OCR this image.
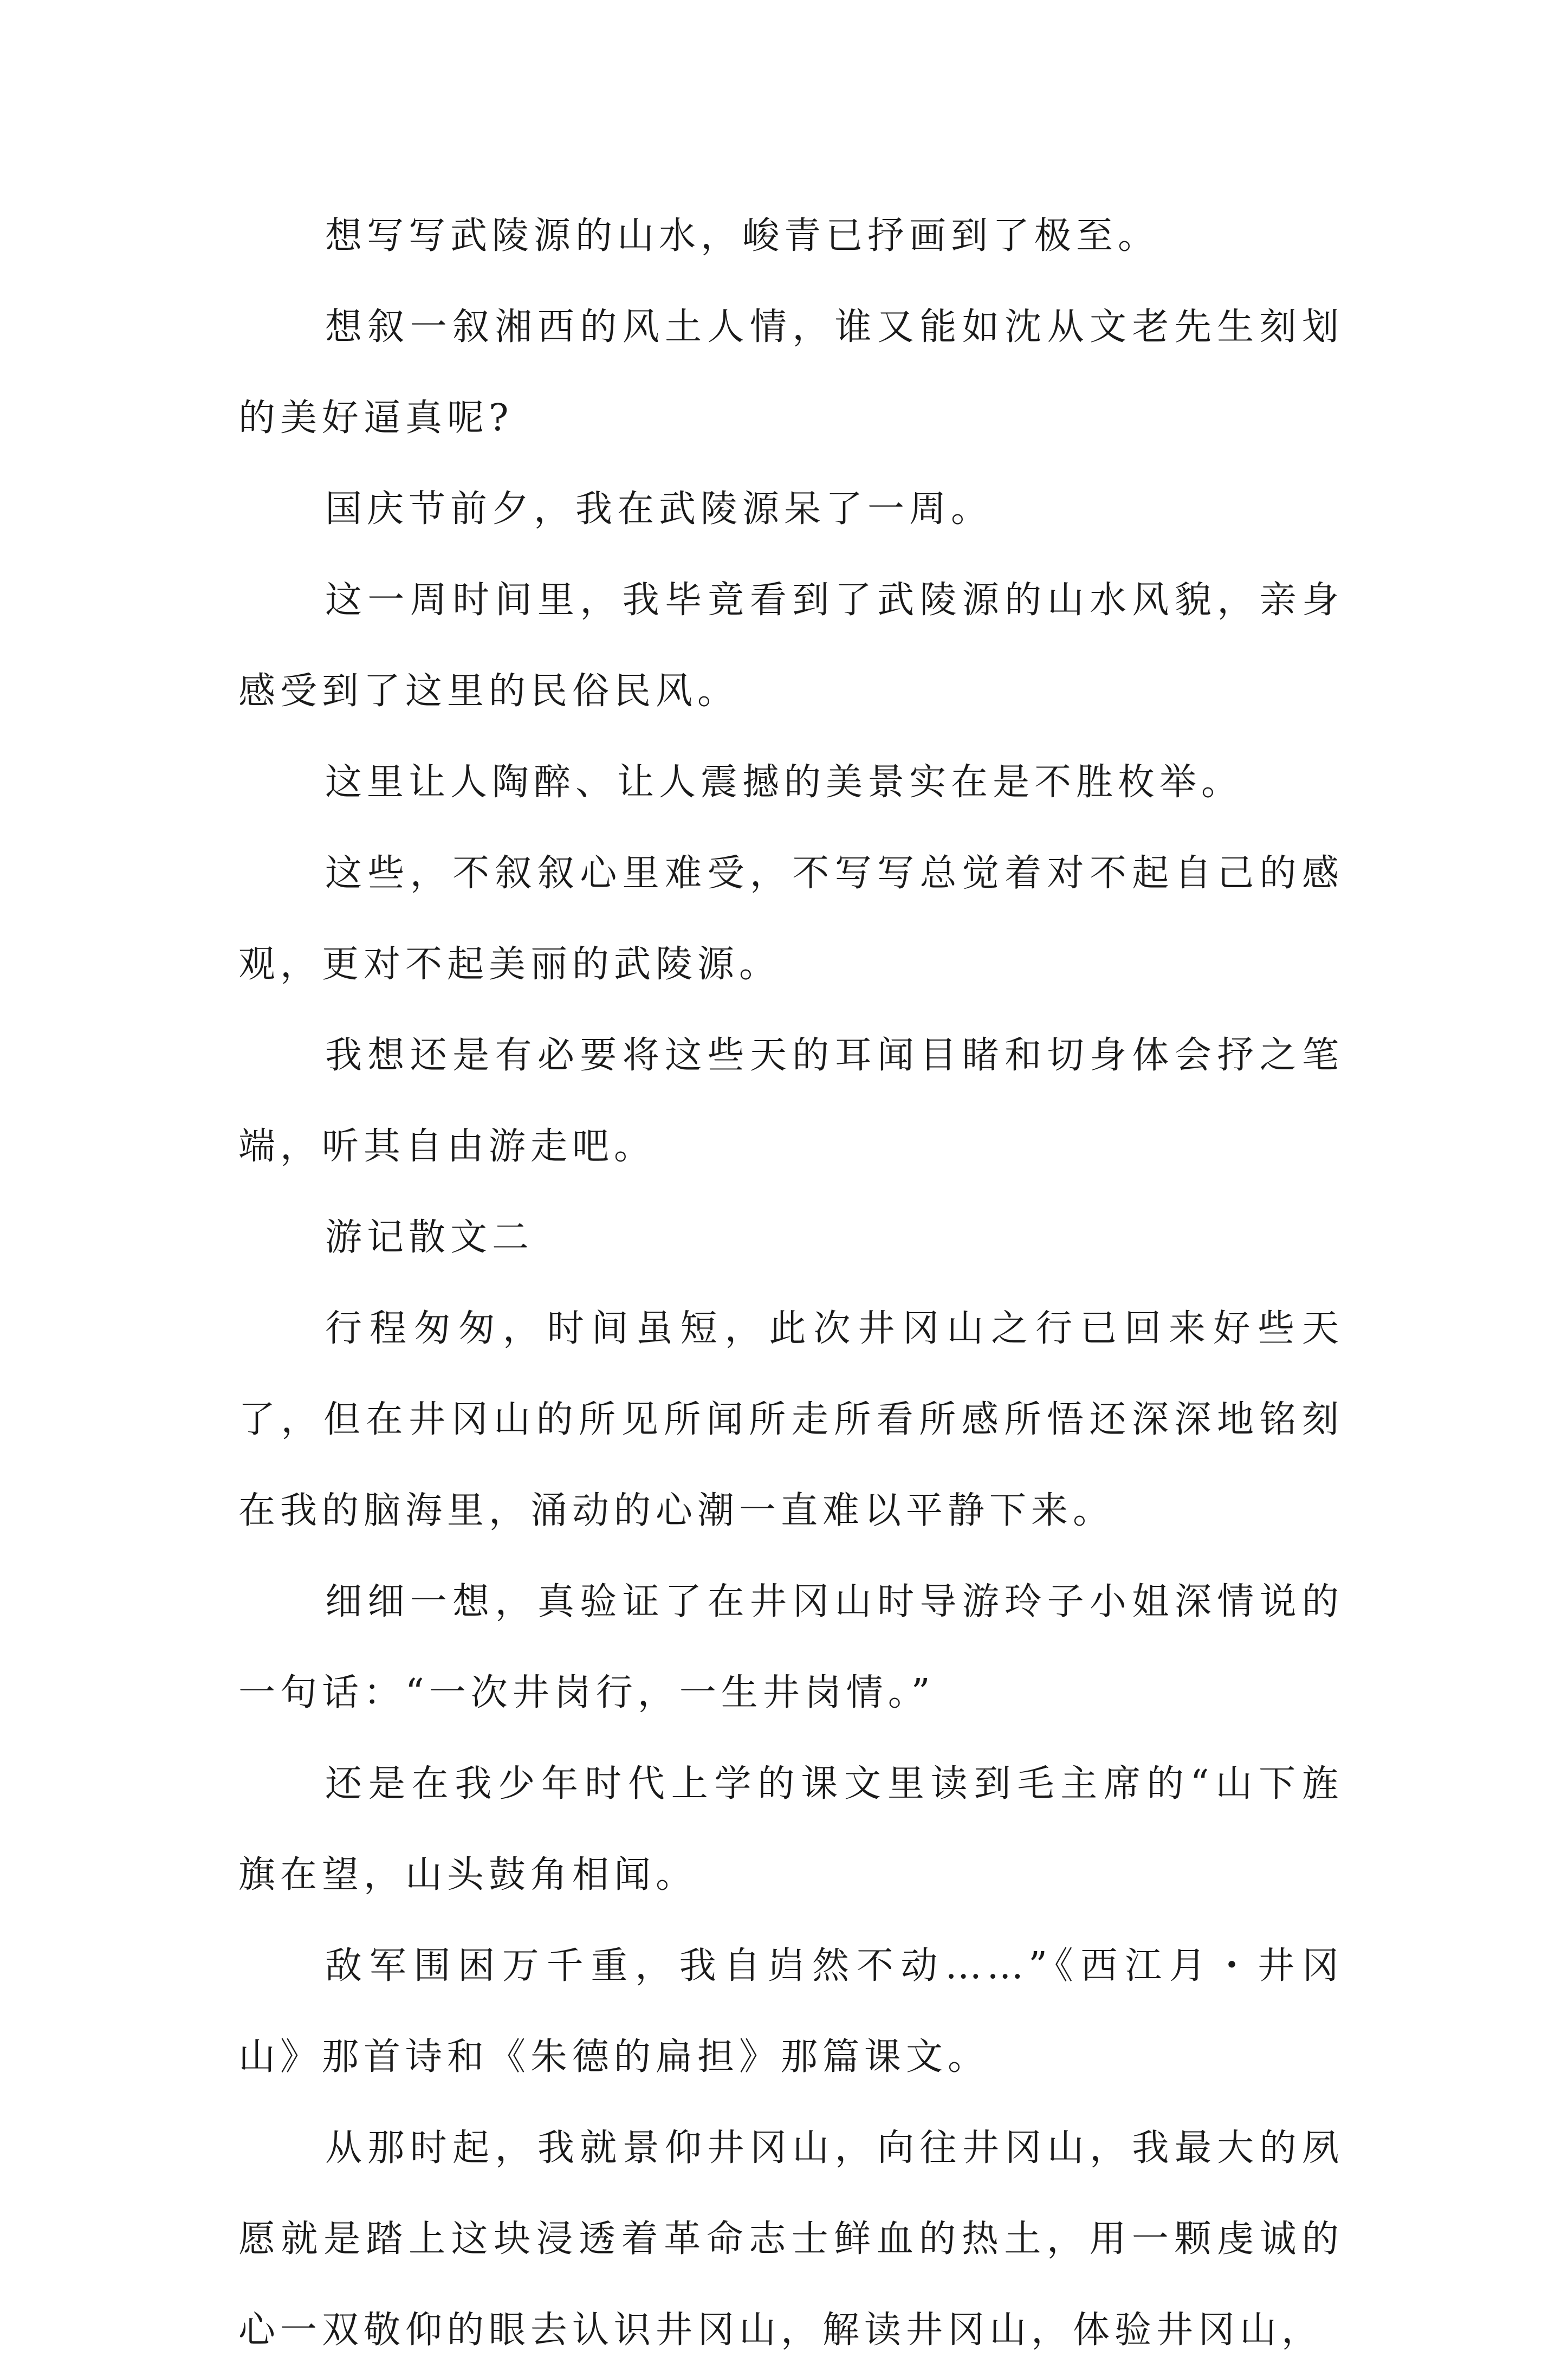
想写写武陵源的山水，峻青已抒画到了极至。

想叙一叙湘西的风土人情，谁又能如沈从文老先生刻划的美好逼真呢?

国庆节前夕，我在武陵源呆了一周。

这一周时间里，我毕竟看到了武陵源的山水风貌，亲身感受到了这里的民俗民风。

这里让人陶醉、让人震撼的美景实在是不胜枚举。

这些，不叙叙心里难受，不写写总觉着对不起自己的感观，更对不起美丽的武陵源。

我想还是有必要将这些天的耳闻目睹和切身体会抒之笔端，听其自由游走吧。

游记散文二

行程匆匆，时间虽短，此次井冈山之行已回来好些天了，但在井冈山的所见所闻所走所看所感所悟还深深地铭刻在我的脑海里，涌动的心潮一直难以平静下来。

细细一想，真验证了在井冈山时导游玲子小姐深情说的一句话：“一次井岗行，一生井岗情。”

还是在我少年时代上学的课文里读到毛主席的“山下旌旗在望，山头鼓角相闻。

敌军围困万千重，我自岿然不动……”《西江月・井冈山》那首诗和《朱德的扁担》那篇课文。

从那时起，我就景仰井冈山，向往井冈山，我最大的夙愿就是踏上这块浸透着革命志士鲜血的热土，用一颗虔诚的心一双敬仰的眼去认识井冈山，解读井冈山，体验井冈山，
